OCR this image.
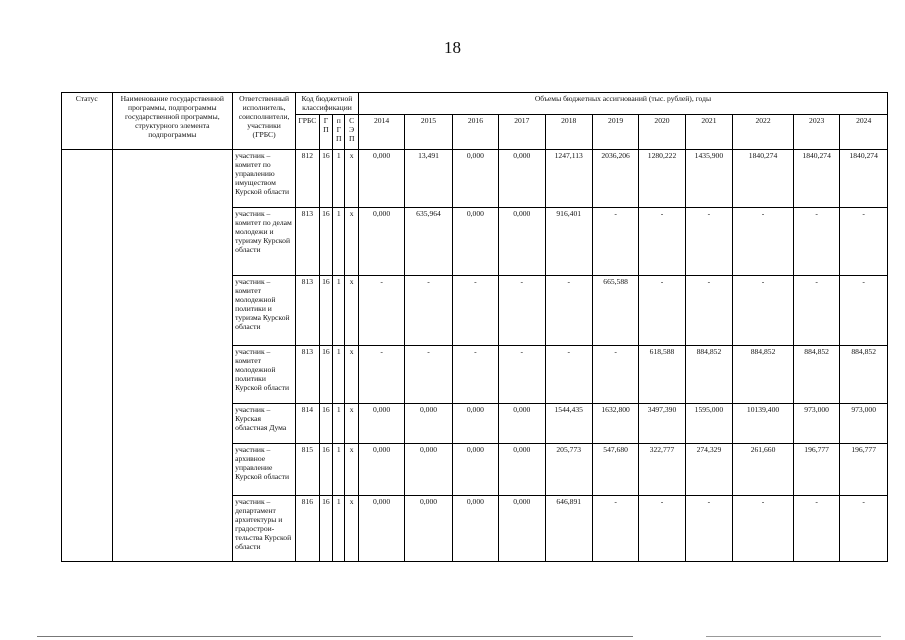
18
Статус	Наименование государственной программы, подпрограммы государственной программы, структурного элемента подпрограммы	Ответственный исполнитель, соисполнители, участники (ГРБС)	Код бюджетной классификации				Объемы бюджетных ассигнований (тыс. рублей), годы										

			ГРБС	ГП	пГП	СЭП	2014	2015	2016	2017	2018	2019	2020	2021	2022	2023	2024
		участник – комитет по управлению имуществом Курской области	812	16	1	х	0,000	13,491	0,000	0,000	1247,113	2036,206	1280,222	1435,900	1840,274	1840,274	1840,274
		участник – комитет по делам молодежи и туризму Курской области	813	16	1	х	0,000	635,964	0,000	0,000	916,401	-	-	-	-	-	-
		участник – комитет молодежной политики и туризма Курской области	813	16	1	х	-	-	-	-	-	665,588	-	-	-	-	-
		участник – комитет молодежной политики Курской области	813	16	1	х	-	-	-	-	-	-	618,588	884,852	884,852	884,852	884,852
		участник – Курская областная Дума	814	16	1	х	0,000	0,000	0,000	0,000	1544,435	1632,800	3497,390	1595,000	10139,400	973,000	973,000
		участник – архивное управление Курской области	815	16	1	х	0,000	0,000	0,000	0,000	205,773	547,680	322,777	274,329	261,660	196,777	196,777
		участник – департамент архитектуры и градострои-тельства Курской области	816	16	1	х	0,000	0,000	0,000	0,000	646,891	-	-	-	-	-	-
